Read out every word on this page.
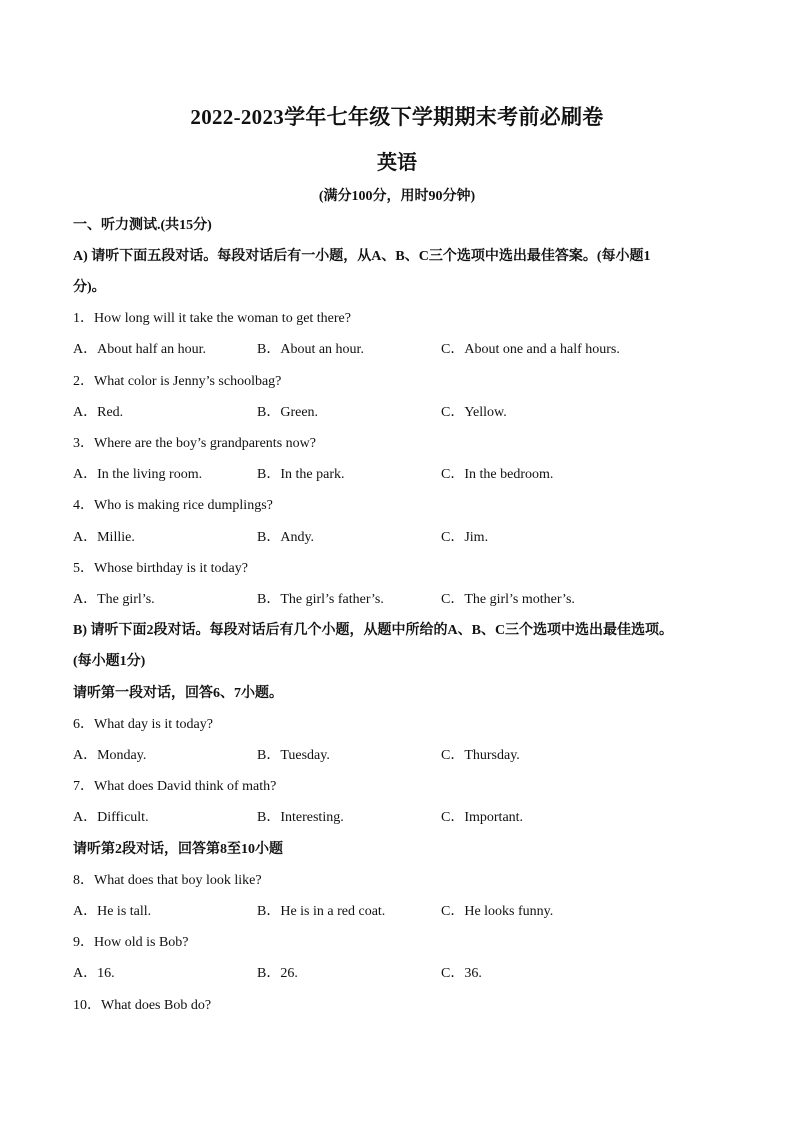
2022-2023学年七年级下学期期末考前必刷卷
英语
(满分100分，用时90分钟)
一、听力测试.(共15分)
A) 请听下面五段对话。每段对话后有一小题，从A、B、C三个选项中选出最佳答案。(每小题1
分)。
1．How long will it take the woman to get there?
A．About half an hour.	B．About an hour.	C．About one and a half hours.
2．What color is Jenny’s schoolbag?
A．Red.	B．Green.	C．Yellow.
3．Where are the boy’s grandparents now?
A．In the living room.	B．In the park.	C．In the bedroom.
4．Who is making rice dumplings?
A．Millie.	B．Andy.	C．Jim.
5．Whose birthday is it today?
A．The girl’s.	B．The girl’s father’s.	C．The girl’s mother’s.
B) 请听下面2段对话。每段对话后有几个小题，从题中所给的A、B、C三个选项中选出最佳选项。
(每小题1分)
请听第一段对话，回答6、7小题。
6．What day is it today?
A．Monday.	B．Tuesday.	C．Thursday.
7．What does David think of math?
A．Difficult.	B．Interesting.	C．Important.
请听第2段对话，回答第8至10小题
8．What does that boy look like?
A．He is tall.	B．He is in a red coat.	C．He looks funny.
9．How old is Bob?
A．16.	B．26.	C．36.
10．What does Bob do?
